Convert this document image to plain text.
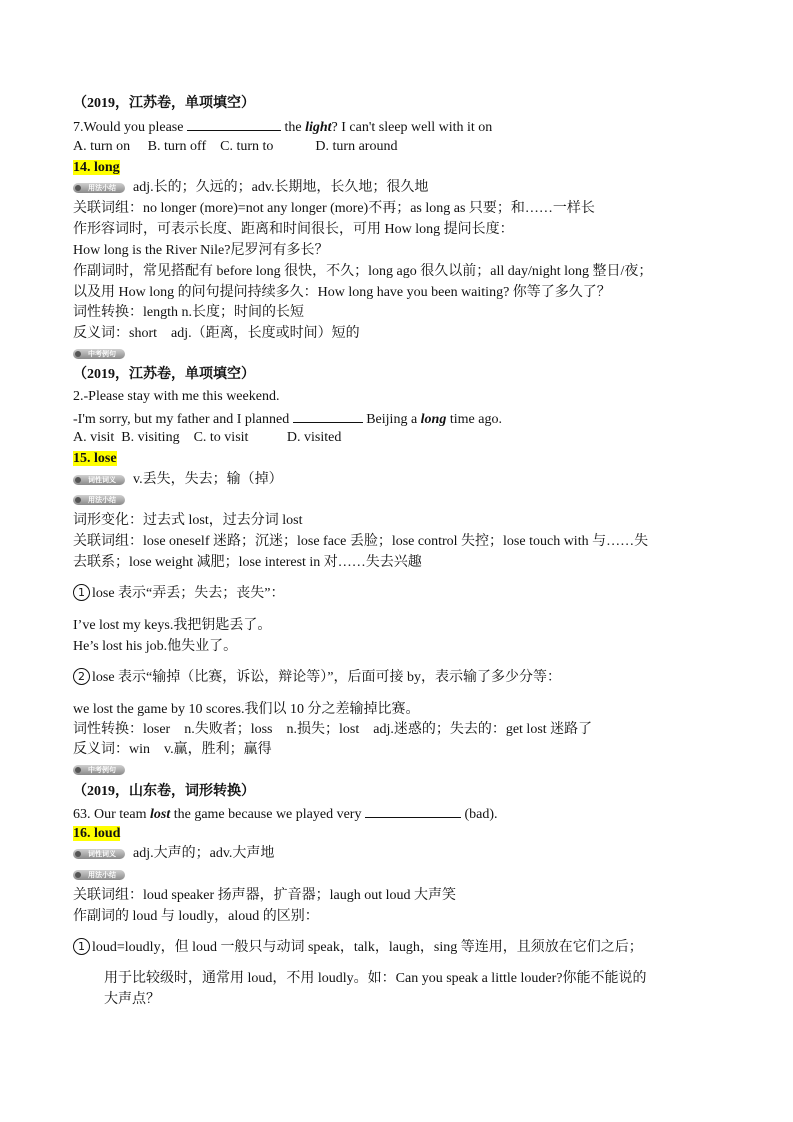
（2019，江苏卷，单项填空）
7.Would you please	the light? I can't sleep well with it on
A. turn on     B. turn off    C. turn to            D. turn around
14. long
用法小结	adj.长的；久远的；adv.长期地，长久地；很久地
关联词组：no longer (more)=not any longer (more)不再；as long as 只要；和……一样长
作形容词时，可表示长度、距离和时间很长，可用 How long 提问长度：
How long is the River Nile?尼罗河有多长？
作副词时，常见搭配有 before long 很快，不久；long ago 很久以前；all day/night long 整日/夜；
以及用 How long 的问句提问持续多久：How long have you been waiting? 你等了多久了？
词性转换：length n.长度；时间的长短
反义词：short    adj.（距离，长度或时间）短的
中考例句
（2019，江苏卷，单项填空）
2.-Please stay with me this weekend.
-I'm sorry, but my father and I planned	Beijing a long time ago.
A. visit  B. visiting    C. to visit           D. visited
15. lose
词性词义	v.丢失，失去；输（掉）
用法小结
词形变化：过去式 lost，过去分词 lost
关联词组：lose oneself 迷路；沉迷；lose face 丢脸；lose control 失控；lose touch with 与……失
去联系；lose weight 减肥；lose interest in 对……失去兴趣
1 lose 表示“弄丢；失去；丧失”：
I’ve lost my keys.我把钥匙丢了。
He’s lost his job.他失业了。
2 lose 表示“输掉（比赛，诉讼，辩论等）”，后面可接 by，表示输了多少分等：
we lost the game by 10 scores.我们以 10 分之差输掉比赛。
词性转换：loser    n.失败者；loss    n.损失；lost    adj.迷惑的；失去的：get lost 迷路了
反义词：win    v.赢，胜利；赢得
中考例句
（2019，山东卷，词形转换）
63. Our team lost the game because we played very	(bad).
16. loud
词性词义	adj.大声的；adv.大声地
用法小结
关联词组：loud speaker 扬声器，扩音器；laugh out loud 大声笑
作副词的 loud 与 loudly，aloud 的区别：
1 loud=loudly，但 loud 一般只与动词 speak，talk，laugh，sing 等连用，且须放在它们之后；
用于比较级时，通常用 loud，不用 loudly。如：Can you speak a little louder?你能不能说的
大声点？
